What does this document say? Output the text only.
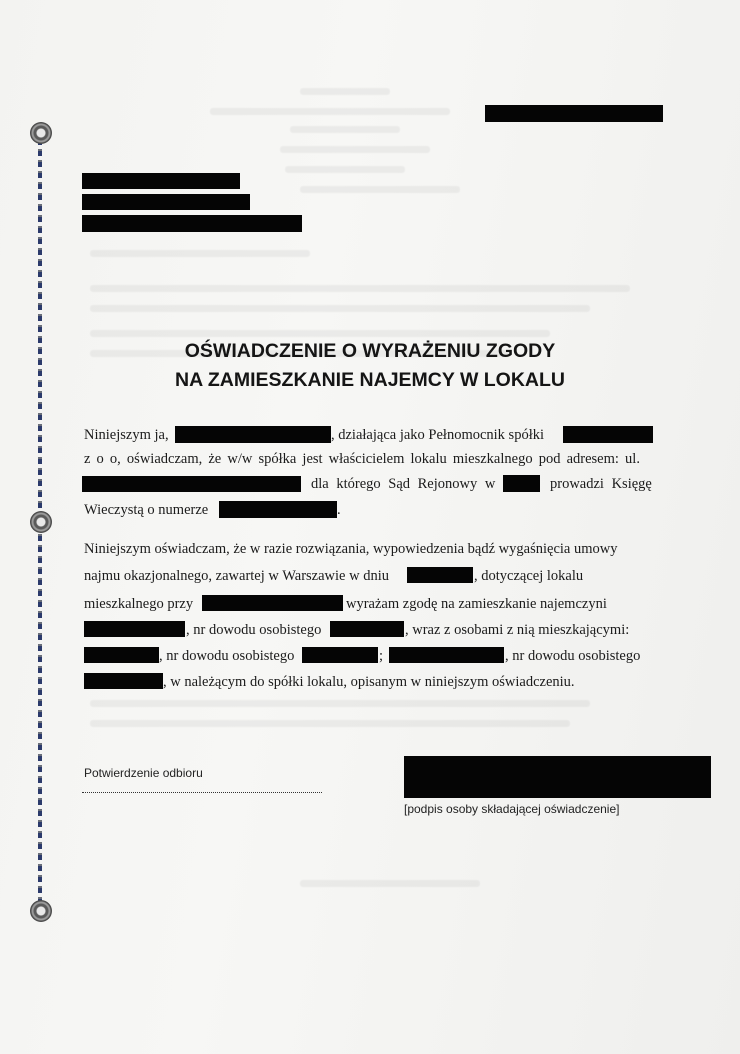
OŚWIADCZENIE O WYRAŻENIU ZGODY
NA ZAMIESZKANIE NAJEMCY W LOKALU
Niniejszym ja,	, działająca jako Pełnomocnik spółki
z o o, oświadczam, że w/w spółka jest właścicielem lokalu mieszkalnego pod adresem: ul.
dla którego Sąd Rejonowy w	prowadzi Księgę
Wieczystą o numerze	.
Niniejszym oświadczam, że w razie rozwiązania, wypowiedzenia bądź wygaśnięcia umowy
najmu okazjonalnego, zawartej w Warszawie w dniu	, dotyczącej lokalu
mieszkalnego przy	wyrażam zgodę na zamieszkanie najemczyni
, nr dowodu osobistego	, wraz z osobami z nią mieszkającymi:
, nr dowodu osobistego	;	, nr dowodu osobistego
, w należącym do spółki lokalu, opisanym w niniejszym oświadczeniu.
Potwierdzenie odbioru
[podpis osoby składającej oświadczenie]
